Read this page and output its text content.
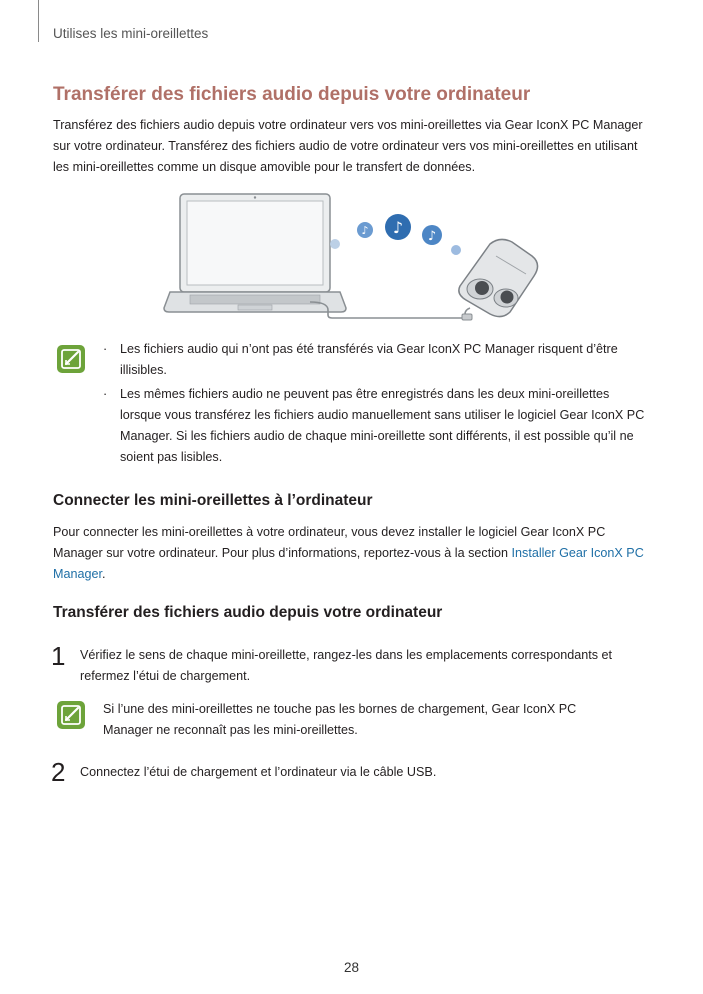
Utilises les mini-oreillettes
Transférer des fichiers audio depuis votre ordinateur

Transférez des fichiers audio depuis votre ordinateur vers vos mini-oreillettes via Gear IconX PC Manager sur votre ordinateur. Transférez des fichiers audio de votre ordinateur vers vos mini-oreillettes en utilisant les mini-oreillettes comme un disque amovible pour le transfert de données.

♪ ♪ ♪
· Les fichiers audio qui n’ont pas été transférés via Gear IconX PC Manager risquent d’être illisibles.
· Les mêmes fichiers audio ne peuvent pas être enregistrés dans les deux mini-oreillettes lorsque vous transférez les fichiers audio manuellement sans utiliser le logiciel Gear IconX PC Manager. Si les fichiers audio de chaque mini-oreillette sont différents, il est possible qu’il ne soient pas lisibles.
Connecter les mini-oreillettes à l’ordinateur

Pour connecter les mini-oreillettes à votre ordinateur, vous devez installer le logiciel Gear IconX PC Manager sur votre ordinateur. Pour plus d’informations, reportez-vous à la section Installer Gear IconX PC Manager.

Transférer des fichiers audio depuis votre ordinateur
1 Vérifiez le sens de chaque mini-oreillette, rangez-les dans les emplacements correspondants et refermez l’étui de chargement.

Si l’une des mini-oreillettes ne touche pas les bornes de chargement, Gear IconX PC Manager ne reconnaît pas les mini-oreillettes.

2 Connectez l’étui de chargement et l’ordinateur via le câble USB.

28
